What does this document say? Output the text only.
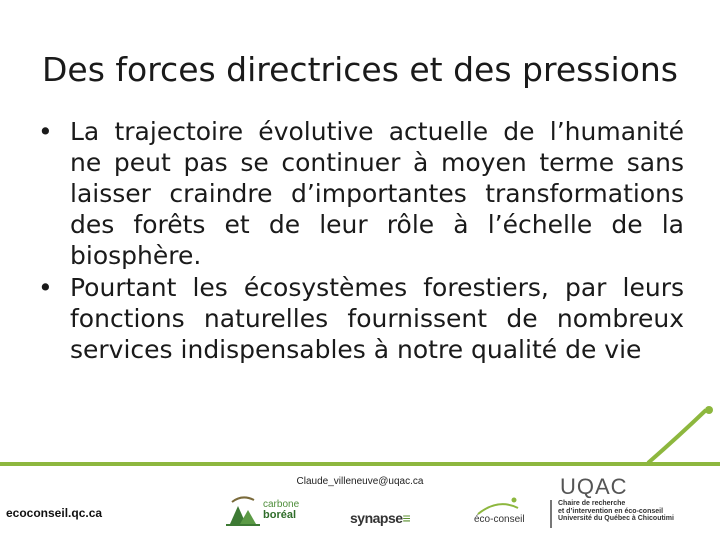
Des forces directrices et des pressions
• La trajectoire évolutive actuelle de l’humanité ne peut pas se continuer à moyen terme sans laisser craindre d’importantes transformations des forêts et de leur rôle à l’échelle de la biosphère.
• Pourtant les écosystèmes forestiers, par leurs fonctions naturelles fournissent de nombreux services indispensables à notre qualité de vie
Claude_villeneuve@uqac.ca
ecoconseil.qc.ca
carbone
boréal	synapse≡	éco-conseil
UQAC
Chaire de recherche
et d’intervention en éco-conseil
Université du Québec à Chicoutimi
